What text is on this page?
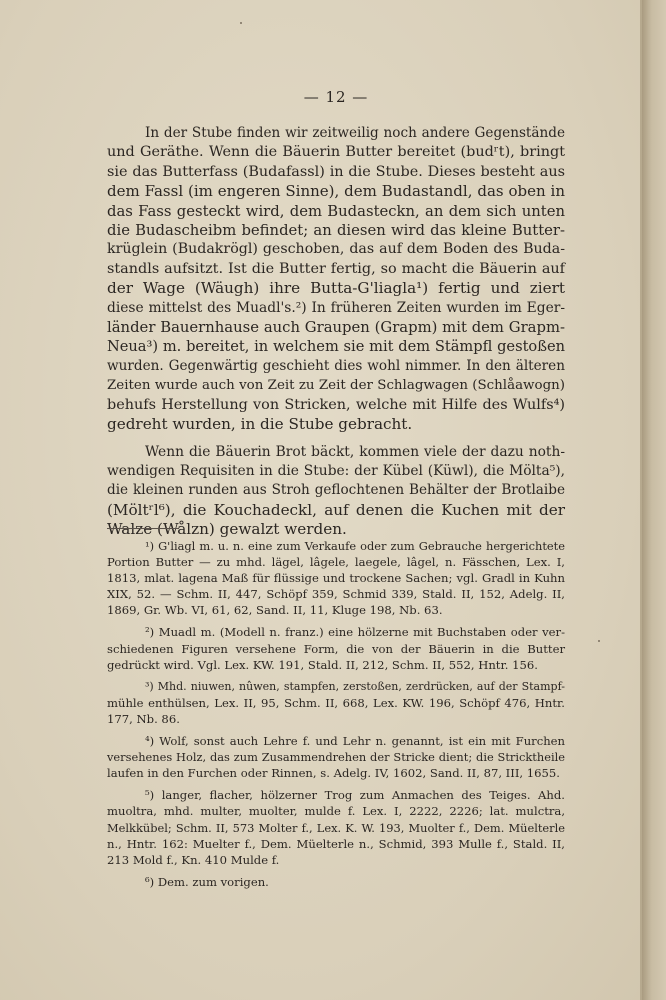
— 12 —

In der Stube finden wir zeitweilig noch andere Gegenstände
und Geräthe. Wenn die Bäuerin Butter bereitet (budʳt), bringt
sie das Butterfass (Budafassl) in die Stube. Dieses besteht aus
dem Fassl (im engeren Sinne), dem Budastandl, das oben in
das Fass gesteckt wird, dem Budasteckn, an dem sich unten
die Budascheibm befindet; an diesen wird das kleine Butter-
krüglein (Budakrögl) geschoben, das auf dem Boden des Buda-
standls aufsitzt. Ist die Butter fertig, so macht die Bäuerin auf
der Wage (Wäugh) ihre Butta-G'liagla¹) fertig und ziert
diese mittelst des Muadl's.²) In früheren Zeiten wurden im Eger-
länder Bauernhause auch Graupen (Grapm) mit dem Grapm-
Neua³) m. bereitet, in welchem sie mit dem Stämpfl gestoßen
wurden. Gegenwärtig geschieht dies wohl nimmer. In den älteren
Zeiten wurde auch von Zeit zu Zeit der Schlagwagen (Schlåawogn)
behufs Herstellung von Stricken, welche mit Hilfe des Wulfs⁴)
gedreht wurden, in die Stube gebracht.

Wenn die Bäuerin Brot bäckt, kommen viele der dazu noth-
wendigen Requisiten in die Stube: der Kübel (Küwl), die Mölta⁵),
die kleinen runden aus Stroh geflochtenen Behälter der Brotlaibe
(Möltʳl⁶), die Kouchadeckl, auf denen die Kuchen mit der
Walze (Wålzn) gewalzt werden.

¹) G'liagl m. u. n. eine zum Verkaufe oder zum Gebrauche hergerichtete
Portion Butter — zu mhd. lägel, lâgele, laegele, lâgel, n. Fässchen, Lex. I,
1813, mlat. lagena Maß für flüssige und trockene Sachen; vgl. Gradl in Kuhn
XIX, 52. — Schm. II, 447, Schöpf 359, Schmid 339, Stald. II, 152, Adelg. II,
1869, Gr. Wb. VI, 61, 62, Sand. II, 11, Kluge 198, Nb. 63.
²) Muadl m. (Modell n. franz.) eine hölzerne mit Buchstaben oder ver-
schiedenen Figuren versehene Form, die von der Bäuerin in die Butter
gedrückt wird. Vgl. Lex. KW. 191, Stald. II, 212, Schm. II, 552, Hntr. 156.
³) Mhd. niuwen, nûwen, stampfen, zerstoßen, zerdrücken, auf der Stampf-
mühle enthülsen, Lex. II, 95, Schm. II, 668, Lex. KW. 196, Schöpf 476, Hntr.
177, Nb. 86.
⁴) Wolf, sonst auch Lehre f. und Lehr n. genannt, ist ein mit Furchen
versehenes Holz, das zum Zusammendrehen der Stricke dient; die Stricktheile
laufen in den Furchen oder Rinnen, s. Adelg. IV, 1602, Sand. II, 87, III, 1655.
⁵) langer, flacher, hölzerner Trog zum Anmachen des Teiges. Ahd.
muoltra, mhd. multer, muolter, mulde f. Lex. I, 2222, 2226; lat. mulctra,
Melkkübel; Schm. II, 573 Molter f., Lex. K. W. 193, Muolter f., Dem. Müelterle
n., Hntr. 162: Muelter f., Dem. Müelterle n., Schmid, 393 Mulle f., Stald. II,
213 Mold f., Kn. 410 Mulde f.
⁶) Dem. zum vorigen.
